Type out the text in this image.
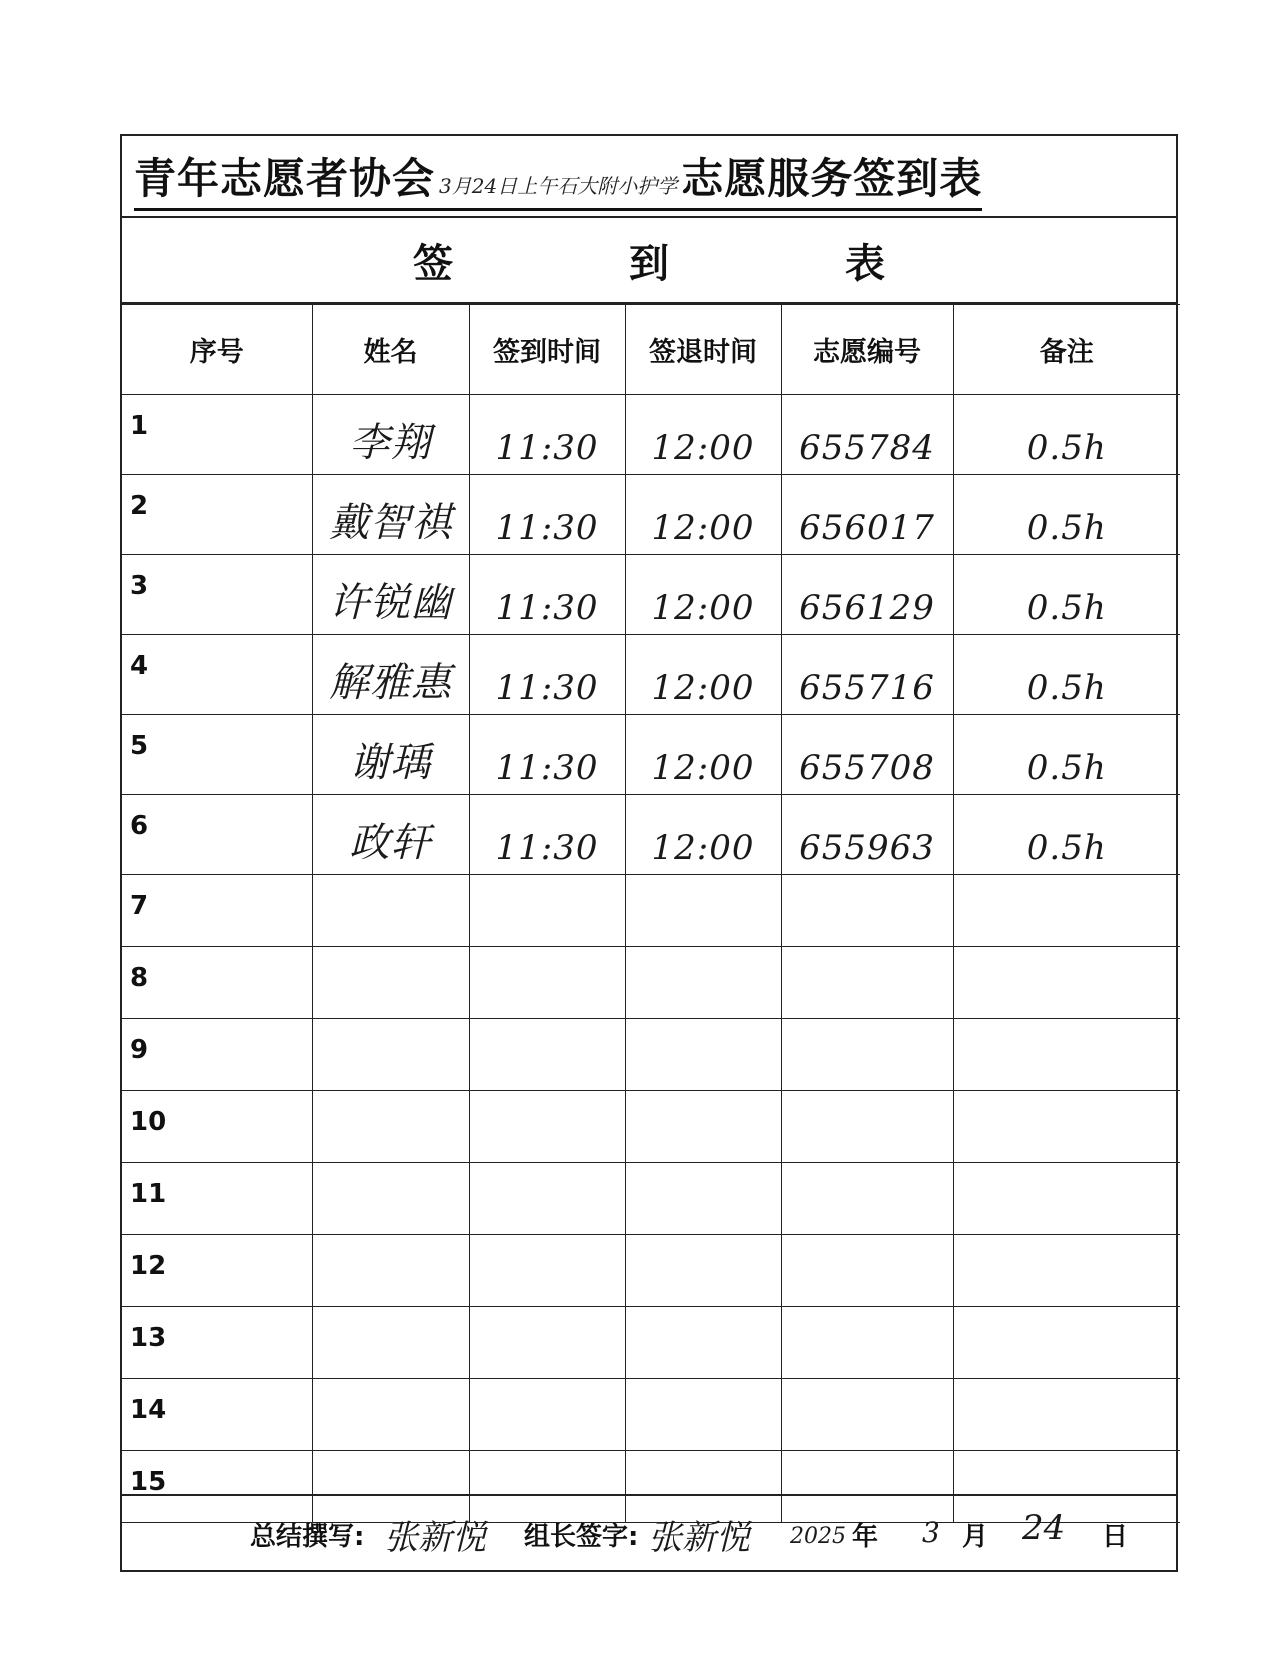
青年志愿者协会 3月24日上午石大附小护学 志愿服务签到表
签	到	表
序号	姓名	签到时间	签退时间	志愿编号	备注
1	李翔	11:30	12:00	655784	0.5h
2	戴智祺	11:30	12:00	656017	0.5h
3	许锐幽	11:30	12:00	656129	0.5h
4	解雅惠	11:30	12:00	655716	0.5h
5	谢瑀	11:30	12:00	655708	0.5h
6	政轩	11:30	12:00	655963	0.5h
7					
8					
9					
10					
11					
12					
13					
14					
15					
总结撰写: 张新悦 组长签字: 张新悦 2025 年 3 月 24 日
